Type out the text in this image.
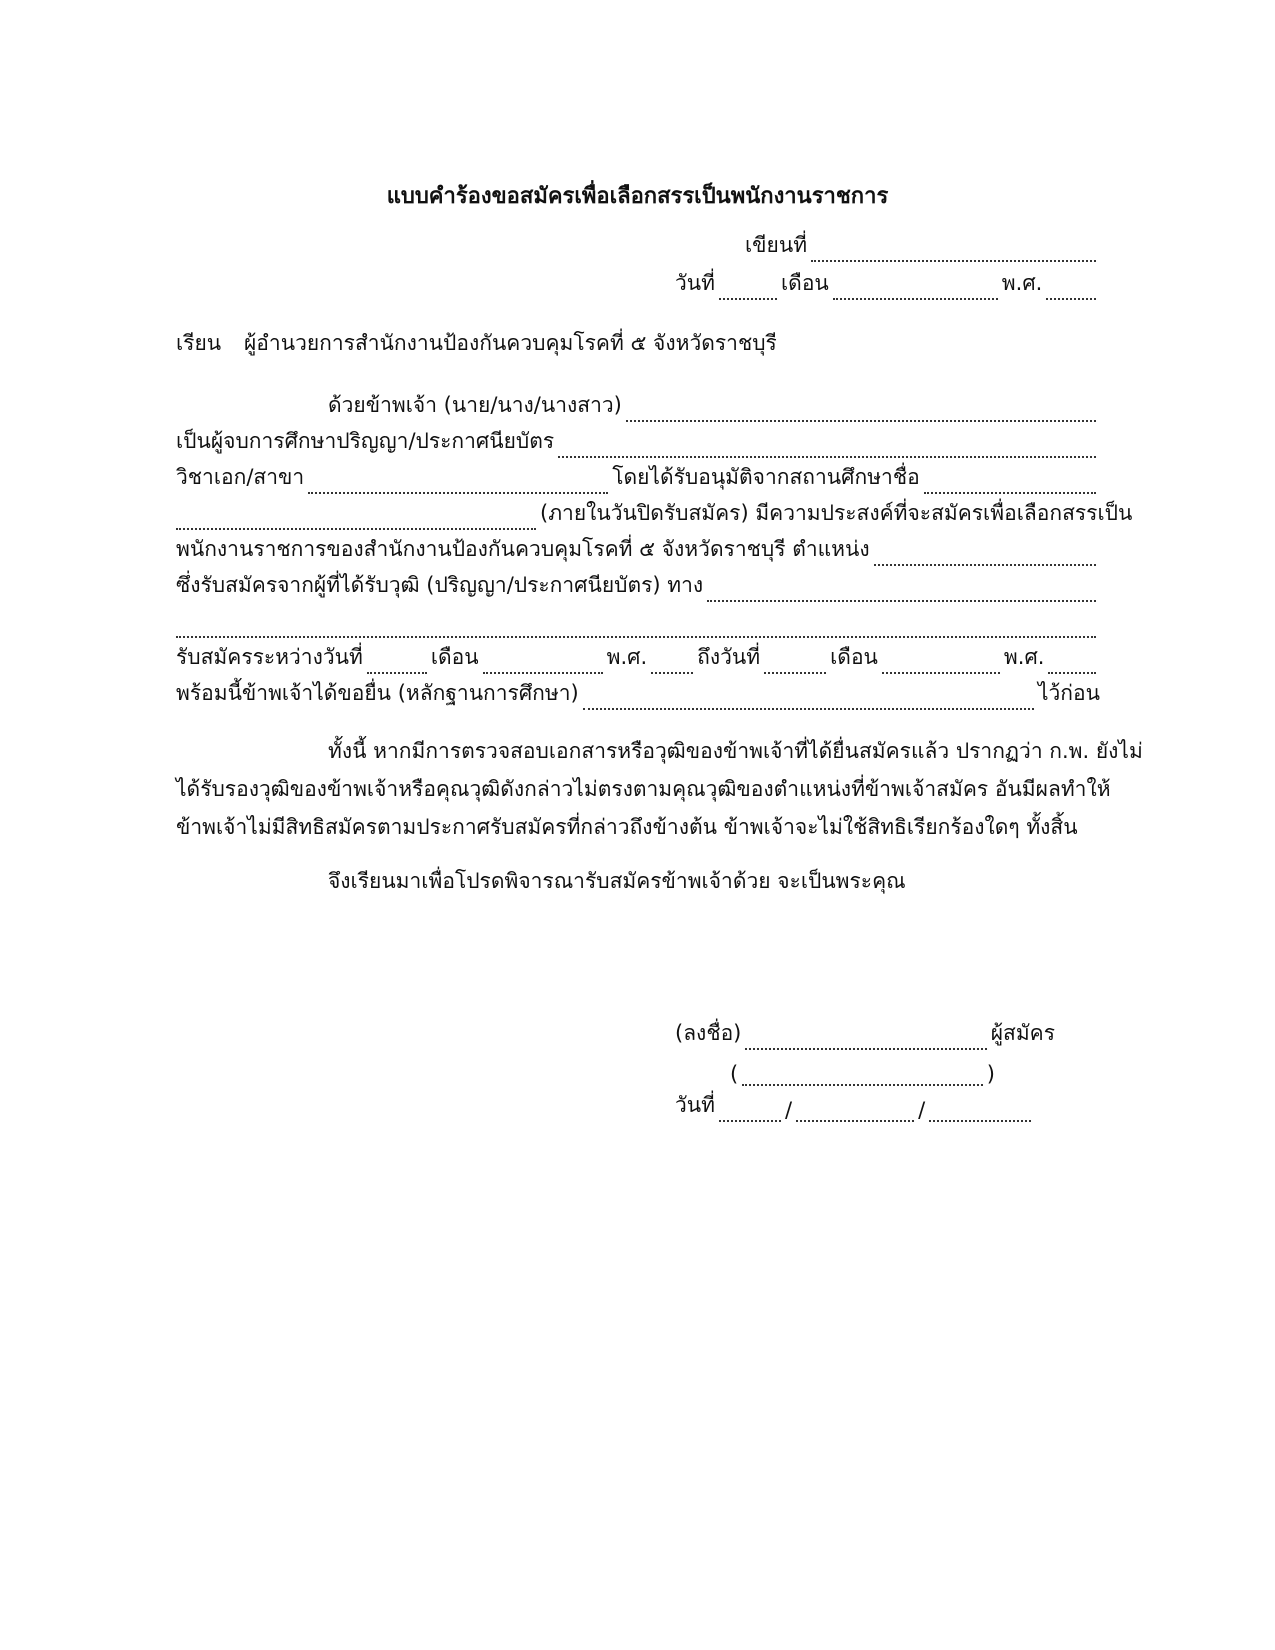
แบบคำร้องขอสมัครเพื่อเลือกสรรเป็นพนักงานราชการ
เขียนที่
วันที่	เดือน	พ.ศ.
เรียน	ผู้อำนวยการสำนักงานป้องกันควบคุมโรคที่ ๕ จังหวัดราชบุรี
ด้วยข้าพเจ้า (นาย/นาง/นางสาว)
เป็นผู้จบการศึกษาปริญญา/ประกาศนียบัตร
วิชาเอก/สาขา	โดยได้รับอนุมัติจากสถานศึกษาชื่อ
(ภายในวันปิดรับสมัคร) มีความประสงค์ที่จะสมัครเพื่อเลือกสรรเป็น
พนักงานราชการของสำนักงานป้องกันควบคุมโรคที่ ๕ จังหวัดราชบุรี ตำแหน่ง
ซึ่งรับสมัครจากผู้ที่ได้รับวุฒิ (ปริญญา/ประกาศนียบัตร) ทาง
รับสมัครระหว่างวันที่	เดือน	พ.ศ. ถึงวันที่	เดือน	พ.ศ.
พร้อมนี้ข้าพเจ้าได้ขอยื่น (หลักฐานการศึกษา)	ไว้ก่อน
ทั้งนี้ หากมีการตรวจสอบเอกสารหรือวุฒิของข้าพเจ้าที่ได้ยื่นสมัครแล้ว ปรากฏว่า ก.พ. ยังไม่ได้รับรองวุฒิของข้าพเจ้าหรือคุณวุฒิดังกล่าวไม่ตรงตามคุณวุฒิของตำแหน่งที่ข้าพเจ้าสมัคร อันมีผลทำให้ข้าพเจ้าไม่มีสิทธิสมัครตามประกาศรับสมัครที่กล่าวถึงข้างต้น ข้าพเจ้าจะไม่ใช้สิทธิเรียกร้องใดๆ ทั้งสิ้น
จึงเรียนมาเพื่อโปรดพิจารณารับสมัครข้าพเจ้าด้วย จะเป็นพระคุณ
(ลงชื่อ)	ผู้สมัคร
(	)
วันที่	/	/
